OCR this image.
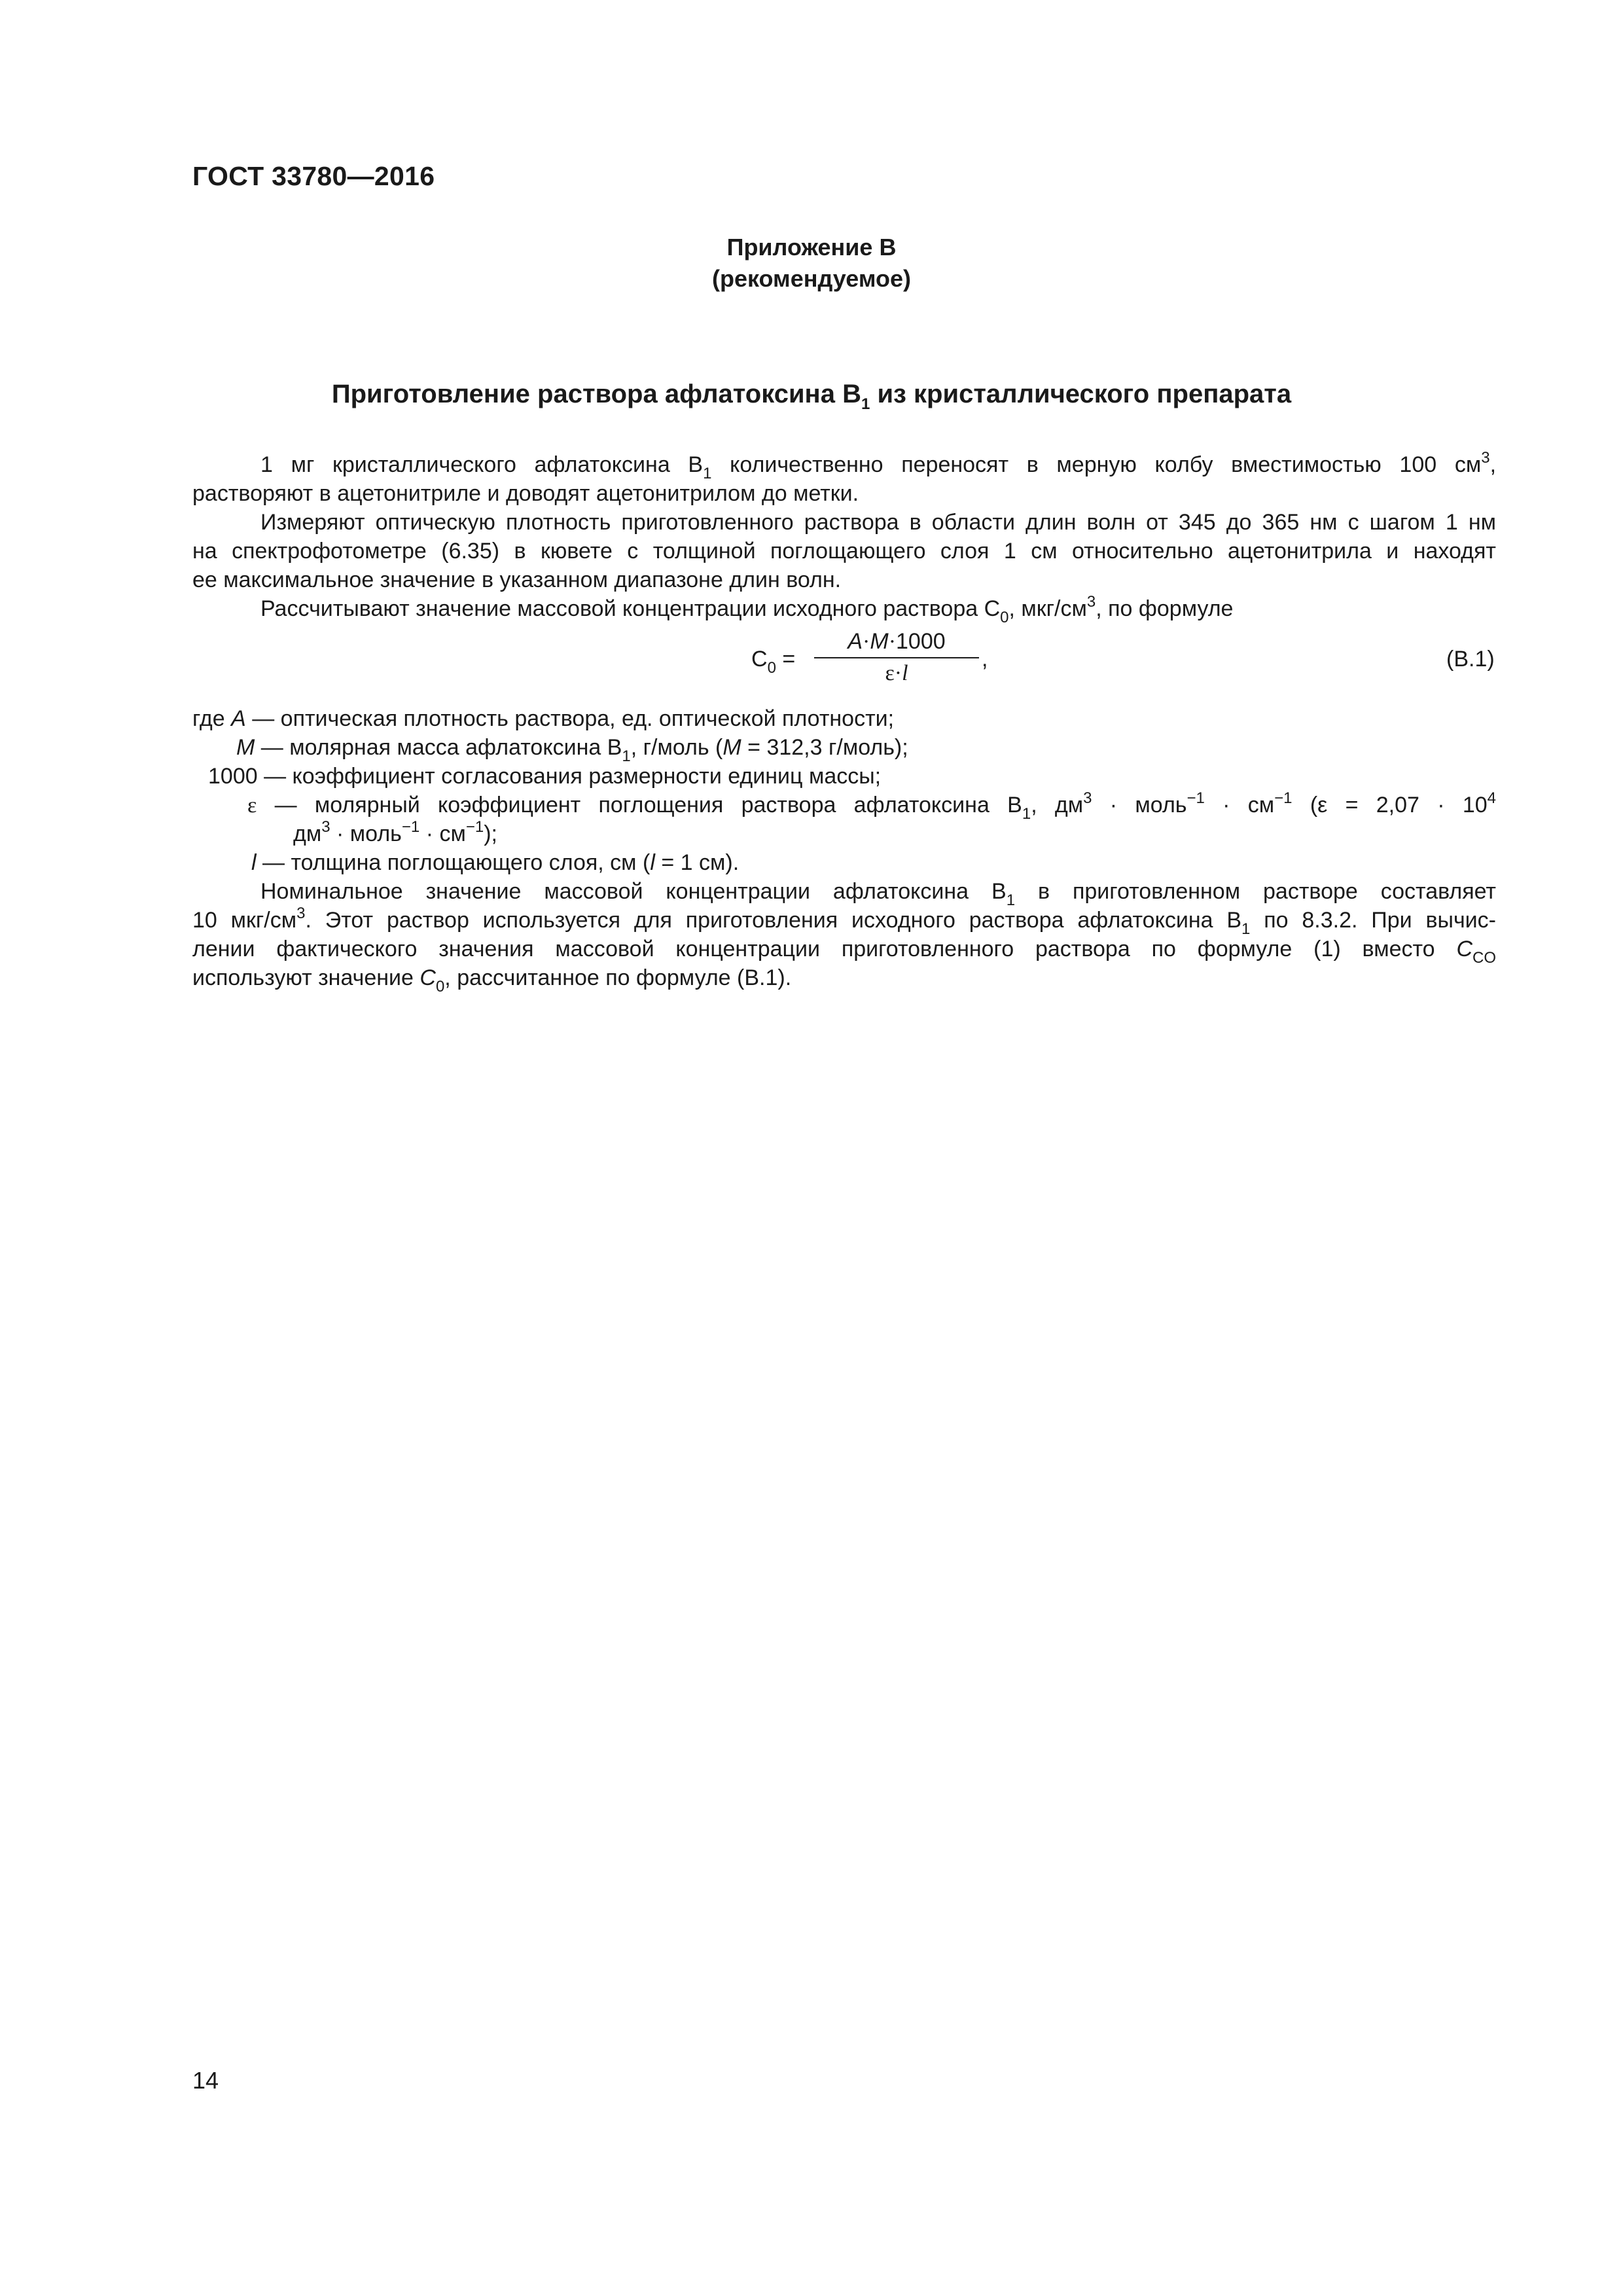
ГОСТ 33780—2016
Приложение В
(рекомендуемое)
Приготовление раствора афлатоксина $В_1$ из кристаллического препарата
1 мг кристаллического афлатоксина $В_1$ количественно переносят в мерную колбу вместимостью 100 $см^3$,
растворяют в ацетонитриле и доводят ацетонитрилом до метки.
Измеряют оптическую плотность приготовленного раствора в области длин волн от 345 до 365 нм с шагом 1 нм
на спектрофотометре (6.35) в кювете с толщиной поглощающего слоя 1 см относительно ацетонитрила и находят
ее максимальное значение в указанном диапазоне длин волн.
Рассчитывают значение массовой концентрации исходного раствора $С_0$, мкг/$см^3$, по формуле
$C_0$ =
A·M·1000
ε·l
,	(В.1)
где A — оптическая плотность раствора, ед. оптической плотности;
M — молярная масса афлатоксина $В_1$, г/моль (M = 312,3 г/моль);
1000 — коэффициент согласования размерности единиц массы;
ε — молярный коэффициент поглощения раствора афлатоксина $В_1$, $дм^3$ · моль$^{-1}$ · $см^{-1}$ ($\varepsilon = 2,07 \cdot 10^4$
$дм^3$ · моль$^{-1}$ · $см^{-1}$);
l — толщина поглощающего слоя, см (l = 1 см).
Номинальное значение массовой концентрации афлатоксина $В_1$ в приготовленном растворе составляет
10 мкг/$см^3$. Этот раствор используется для приготовления исходного раствора афлатоксина $В_1$ по 8.3.2. При вычис-
лении фактического значения массовой концентрации приготовленного раствора по формуле (1) вместо $C_{CO}$
используют значение $C_0$, рассчитанное по формуле (В.1).
14
